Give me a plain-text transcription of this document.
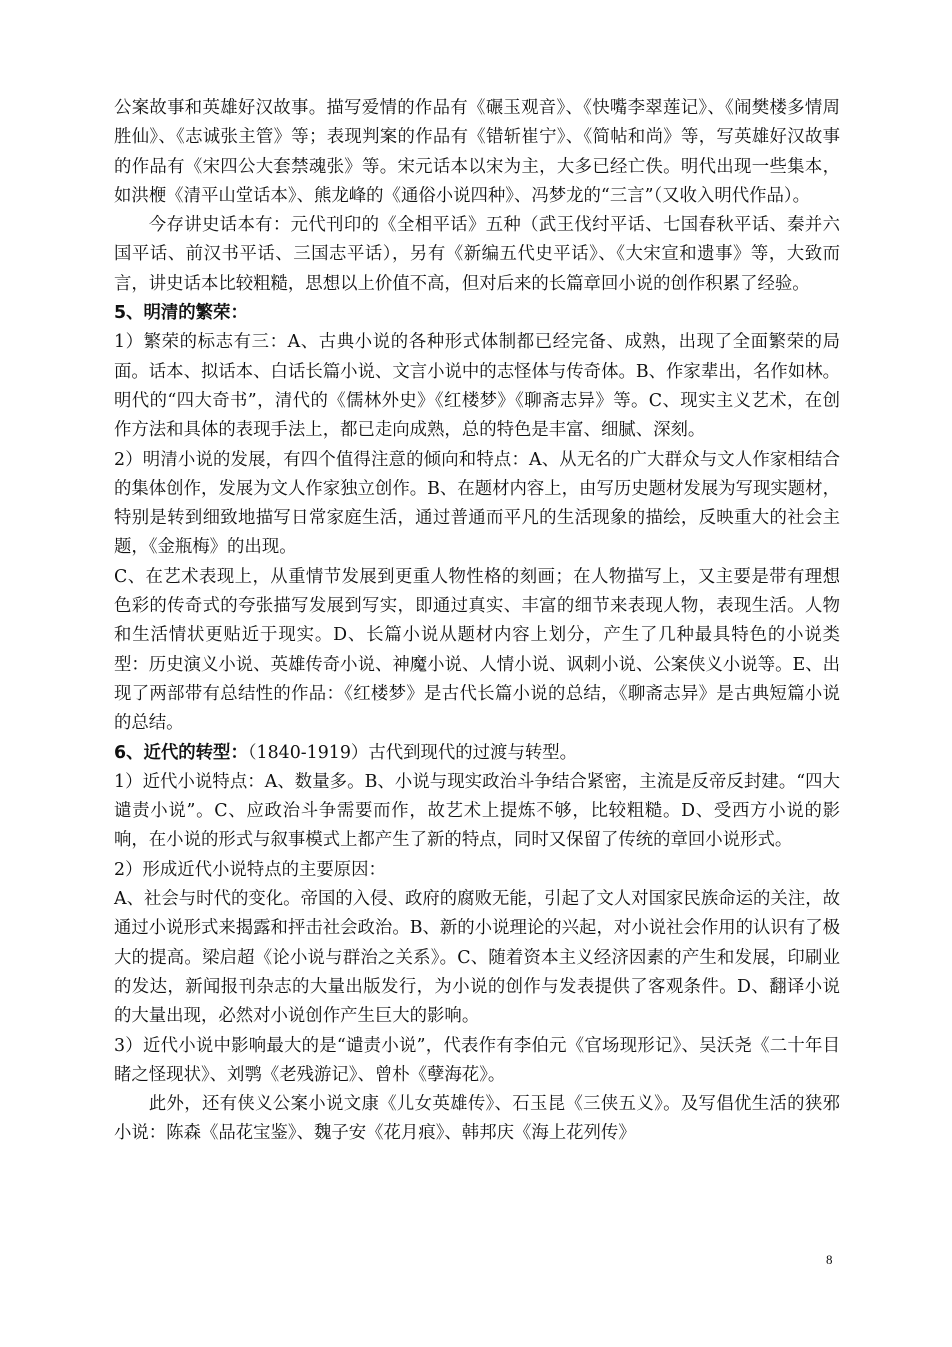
公案故事和英雄好汉故事。描写爱情的作品有《碾玉观音》、《快嘴李翠莲记》、《闹樊楼多情周胜仙》、《志诚张主管》等；表现判案的作品有《错斩崔宁》、《简帖和尚》等，写英雄好汉故事的作品有《宋四公大套禁魂张》等。宋元话本以宋为主，大多已经亡佚。明代出现一些集本，如洪楩《清平山堂话本》、熊龙峰的《通俗小说四种》、冯梦龙的“三言”（又收入明代作品）。

今存讲史话本有：元代刊印的《全相平话》五种（武王伐纣平话、七国春秋平话、秦并六国平话、前汉书平话、三国志平话），另有《新编五代史平话》、《大宋宣和遗事》等，大致而言，讲史话本比较粗糙，思想以上价值不高，但对后来的长篇章回小说的创作积累了经验。

5、明清的繁荣：

1）繁荣的标志有三：A、古典小说的各种形式体制都已经完备、成熟，出现了全面繁荣的局面。话本、拟话本、白话长篇小说、文言小说中的志怪体与传奇体。B、作家辈出，名作如林。明代的“四大奇书”，清代的《儒林外史》《红楼梦》《聊斋志异》等。C、现实主义艺术，在创作方法和具体的表现手法上，都已走向成熟，总的特色是丰富、细腻、深刻。

2）明清小说的发展，有四个值得注意的倾向和特点：A、从无名的广大群众与文人作家相结合的集体创作，发展为文人作家独立创作。B、在题材内容上，由写历史题材发展为写现实题材，特别是转到细致地描写日常家庭生活，通过普通而平凡的生活现象的描绘，反映重大的社会主题，《金瓶梅》的出现。

C、在艺术表现上，从重情节发展到更重人物性格的刻画；在人物描写上，又主要是带有理想色彩的传奇式的夸张描写发展到写实，即通过真实、丰富的细节来表现人物，表现生活。人物和生活情状更贴近于现实。D、长篇小说从题材内容上划分，产生了几种最具特色的小说类型：历史演义小说、英雄传奇小说、神魔小说、人情小说、讽刺小说、公案侠义小说等。E、出现了两部带有总结性的作品：《红楼梦》是古代长篇小说的总结，《聊斋志异》是古典短篇小说的总结。

6、近代的转型：（1840-1919）古代到现代的过渡与转型。

1）近代小说特点：A、数量多。B、小说与现实政治斗争结合紧密，主流是反帝反封建。“四大谴责小说”。C、应政治斗争需要而作，故艺术上提炼不够，比较粗糙。D、受西方小说的影响，在小说的形式与叙事模式上都产生了新的特点，同时又保留了传统的章回小说形式。

2）形成近代小说特点的主要原因：

A、社会与时代的变化。帝国的入侵、政府的腐败无能，引起了文人对国家民族命运的关注，故通过小说形式来揭露和抨击社会政治。B、新的小说理论的兴起，对小说社会作用的认识有了极大的提高。梁启超《论小说与群治之关系》。C、随着资本主义经济因素的产生和发展，印刷业的发达，新闻报刊杂志的大量出版发行，为小说的创作与发表提供了客观条件。D、翻译小说的大量出现，必然对小说创作产生巨大的影响。

3）近代小说中影响最大的是“谴责小说”，代表作有李伯元《官场现形记》、吴沃尧《二十年目睹之怪现状》、刘鹗《老残游记》、曾朴《孽海花》。

此外，还有侠义公案小说文康《儿女英雄传》、石玉昆《三侠五义》。及写倡优生活的狭邪小说：陈森《品花宝鉴》、魏子安《花月痕》、韩邦庆《海上花列传》

8
